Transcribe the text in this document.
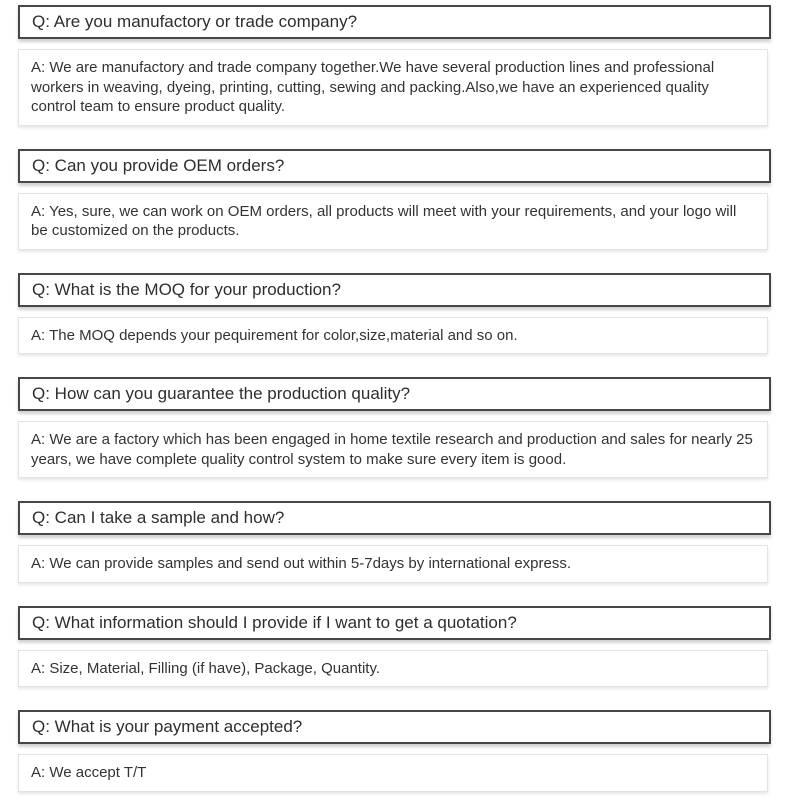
Q: Are you manufactory or trade company?
A: We are manufactory and trade company together.We have several production lines and professional workers in weaving, dyeing, printing, cutting, sewing and packing.Also,we have an experienced quality control team to ensure product quality.
Q: Can you provide OEM orders?
A: Yes, sure, we can work on OEM orders, all products will meet with your requirements, and your logo will be customized on the products.
Q: What is the MOQ for your production?
A: The MOQ depends your pequirement for color,size,material and so on.
Q: How can you guarantee the production quality?
A: We are a factory which has been engaged in home textile research and production and sales for nearly 25 years, we have complete quality control system to make sure every item is good.
Q: Can I take a sample and how?
A: We can provide samples and send out within 5-7days by international express.
Q: What information should I provide if I want to get a quotation?
A: Size, Material, Filling (if have), Package, Quantity.
Q: What is your payment accepted?
A: We accept T/T
